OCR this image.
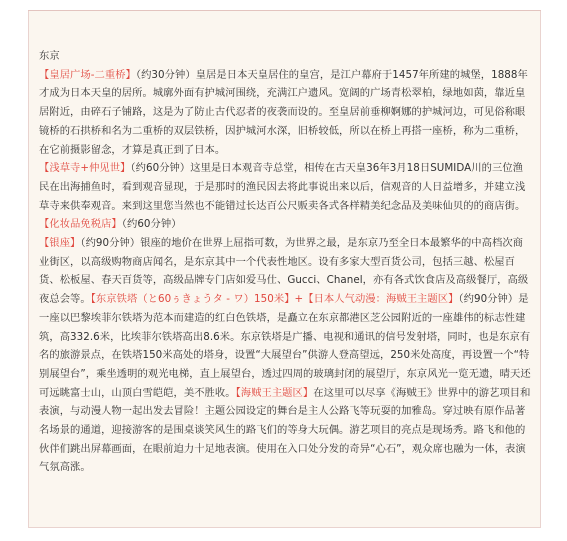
东京

【皇居广场-二重桥】（约30分钟）皇居是日本天皇居住的皇宫，是江户幕府于1457年所建的城堡，1888年才成为日本天皇的居所。城廓外面有护城河围绕，充满江户遗风。宽阔的广场青松翠柏，绿地如茵，靠近皇居附近，由碎石子铺路，这是为了防止古代忍者的夜袭而设的。至皇居前垂柳婀娜的护城河边，可见俗称眼镜桥的石拱桥和名为二重桥的双层铁桥，因护城河水深，旧桥较低，所以在桥上再搭一座桥，称为二重桥，在它前摄影留念，才算是真正到了日本。

【浅草寺+仲见世】（约60分钟）这里是日本观音寺总堂，相传在古天皇36年3月18日SUMIDA川的三位渔民在出海捕鱼时，看到观音显现，于是那时的渔民因去将此事说出来以后，信观音的人日益增多，并建立浅草寺来供奉观音。来到这里您当然也不能错过长达百公尺贩卖各式各样精美纪念品及美味仙贝的的商店街。

【化妆品免税店】（约60分钟）

【银座】（约90分钟）银座的地价在世界上屈指可数，为世界之最，是东京乃至全日本最繁华的中高档次商业街区，以高级购物商店闻名，是东京其中一个代表性地区。设有多家大型百货公司，包括三越、松屋百货、松板屋、春天百货等，高级品牌专门店如爱马仕、Gucci、Chanel，亦有各式饮食店及高级餐厅，高级夜总会等。【东京铁塔（と60ぅきょうタ - ワ）150米】+【日本人气动漫：海贼王主题区】（约90分钟）是一座以巴黎埃菲尔铁塔为范本而建造的红白色铁塔，是矗立在东京都港区芝公园附近的一座雄伟的标志性建筑，高332.6米，比埃菲尔铁塔高出8.6米。东京铁塔是广播、电视和通讯的信号发射塔，同时，也是东京有名的旅游景点，在铁塔150米高处的塔身，设置“大展望台”供游人登高望远，250米处高度，再设置一个“特别展望台”，乘坐透明的观光电梯，直上展望台，透过四周的玻璃封闭的展望厅，东京风光一览无遗，晴天还可远眺富士山，山顶白雪皑皑，美不胜收。【海贼王主题区】在这里可以尽享《海贼王》世界中的游艺项目和表演，与动漫人物一起出发去冒险！主题公园设定的舞台是主人公路飞等玩耍的加雅岛。穿过映有原作品著名场景的通道，迎接游客的是围桌谈笑风生的路飞们的等身大玩偶。游艺项目的亮点是现场秀。路飞和他的伙伴们跳出屏幕画面，在眼前迫力十足地表演。使用在入口处分发的奇异“心石”，观众席也融为一体，表演气氛高涨。
